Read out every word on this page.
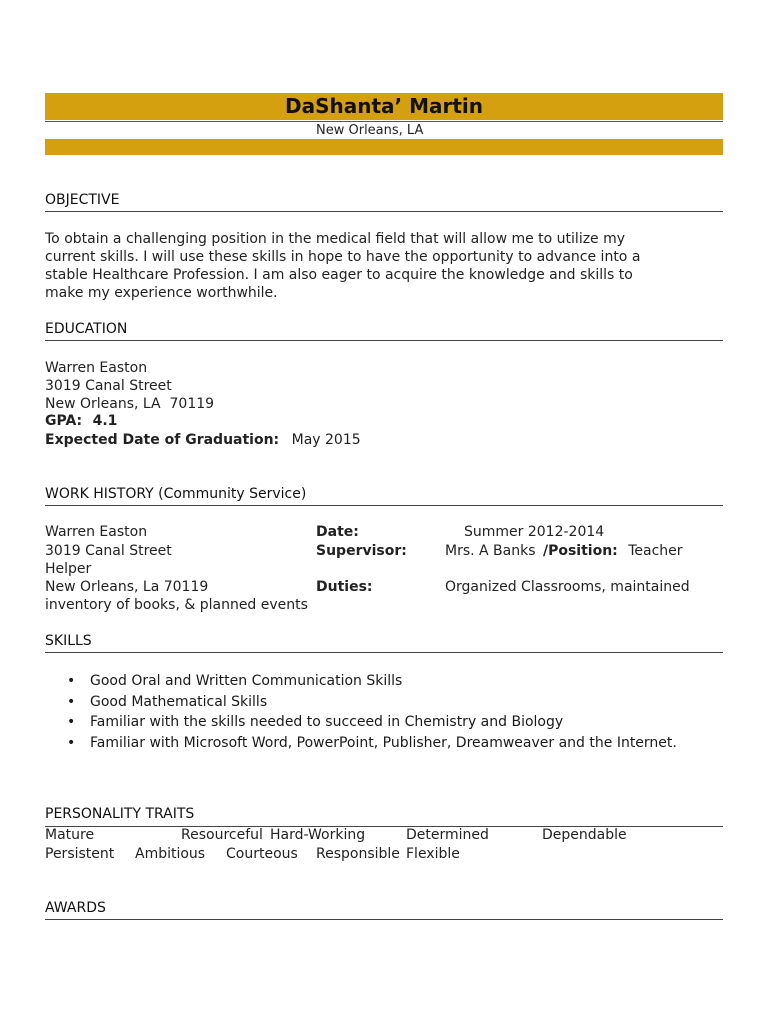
DaShanta’ Martin
New Orleans, LA
OBJECTIVE
To obtain a challenging position in the medical field that will allow me to utilize my
current skills. I will use these skills in hope to have the opportunity to advance into a
stable Healthcare Profession. I am also eager to acquire the knowledge and skills to
make my experience worthwhile.
EDUCATION
Warren Easton
3019 Canal Street
New Orleans, LA  70119
GPA: 4.1
Expected Date of Graduation: May 2015
WORK HISTORY (Community Service)
Warren Easton	Date:	Summer 2012-2014
3019 Canal Street	Supervisor:	Mrs. A Banks /Position: Teacher
Helper
New Orleans, La 70119	Duties:	Organized Classrooms, maintained
inventory of books, & planned events
SKILLS
• Good Oral and Written Communication Skills
• Good Mathematical Skills
• Familiar with the skills needed to succeed in Chemistry and Biology
• Familiar with Microsoft Word, PowerPoint, Publisher, Dreamweaver and the Internet.
PERSONALITY TRAITS
Mature	Resourceful Hard-Working	Determined	Dependable
Persistent Ambitious Courteous Responsible Flexible
AWARDS
